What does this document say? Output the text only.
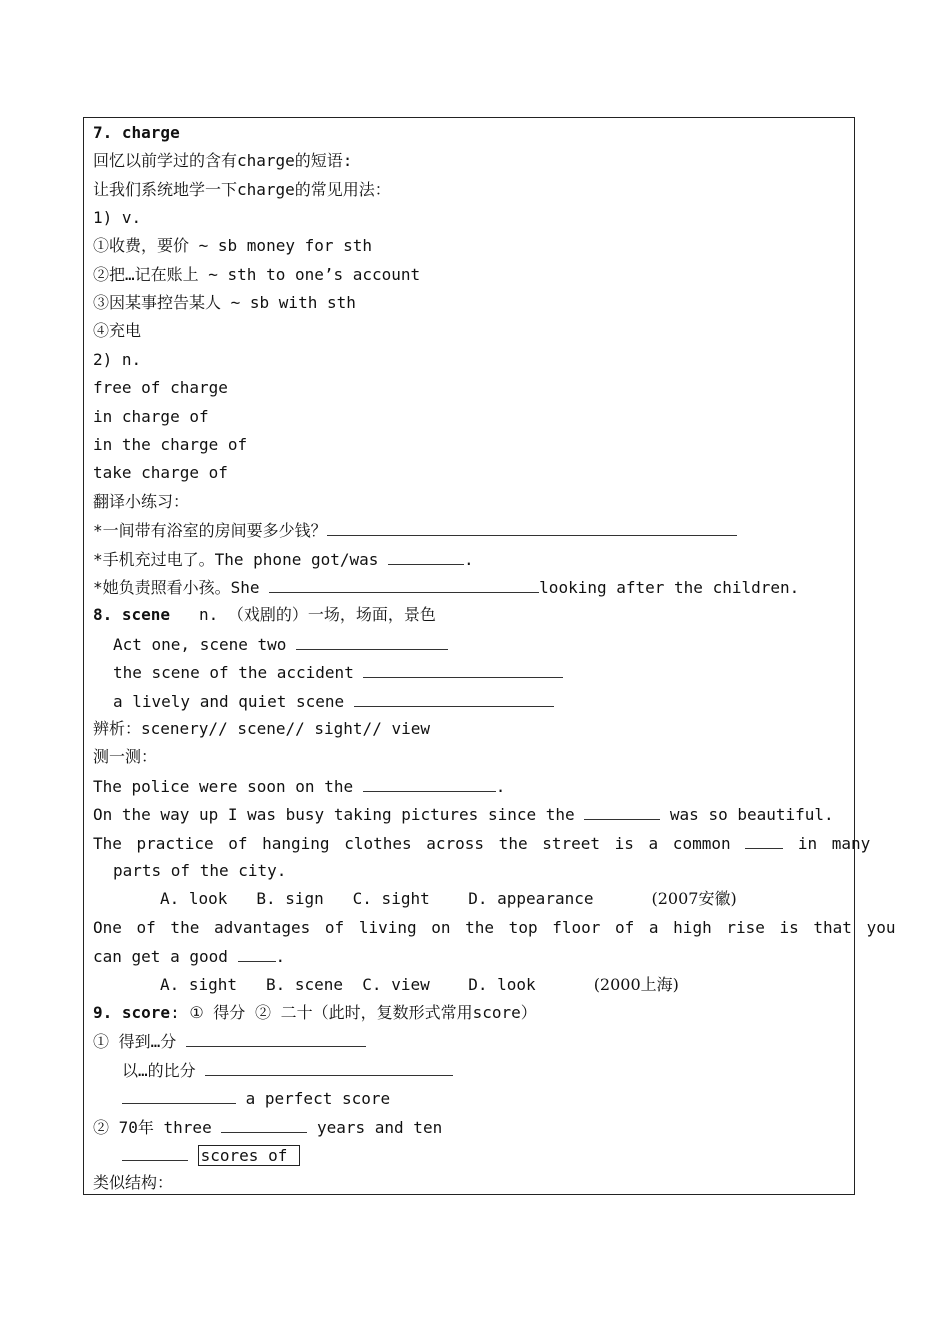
7. charge
回忆以前学过的含有charge的短语:
让我们系统地学一下charge的常见用法：
1) v.
①收费，要价 ~ sb money for sth
②把…记在账上 ~ sth to one’s account
③因某事控告某人 ~ sb with sth
④充电
2) n.
free of charge
in charge of
in the charge of
take charge of
翻译小练习：
*一间带有浴室的房间要多少钱？
*手机充过电了。The phone got/was	.
*她负责照看小孩。She	looking after the children.
8. scene   n. （戏剧的）一场，场面，景色
Act one, scene two
the scene of the accident
a lively and quiet scene
辨析：scenery// scene// sight// view
测一测：
The police were soon on the	.
On the way up I was busy taking pictures since the	was so beautiful.
The practice of hanging clothes across the street is a common  in many
parts of the city.
A. look   B. sign   C. sight    D. appearance	(2007安徽)
One of the advantages of living on the top floor of a high rise is that you
can get a good .
A. sight   B. scene  C. view    D. look	(2000上海)
9. score: ① 得分 ② 二十（此时，复数形式常用score）
① 得到…分
以…的比分
a perfect score
② 70年 three	years and ten
scores of
类似结构：
